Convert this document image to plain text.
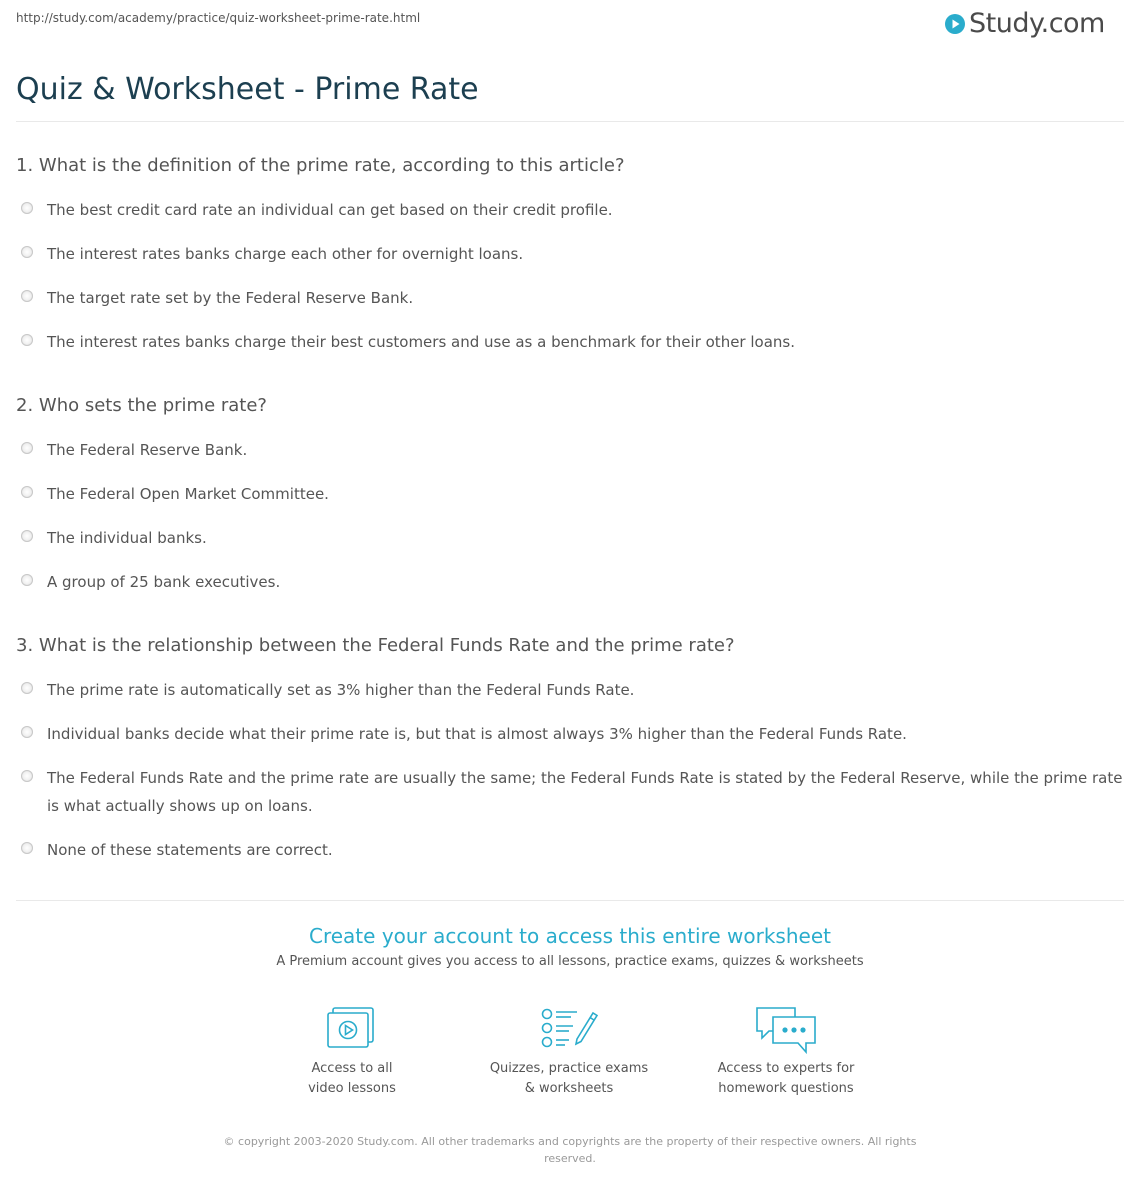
http://study.com/academy/practice/quiz-worksheet-prime-rate.html	Study.com
Quiz & Worksheet - Prime Rate
1. What is the definition of the prime rate, according to this article?
The best credit card rate an individual can get based on their credit profile.
The interest rates banks charge each other for overnight loans.
The target rate set by the Federal Reserve Bank.
The interest rates banks charge their best customers and use as a benchmark for their other loans.
2. Who sets the prime rate?
The Federal Reserve Bank.
The Federal Open Market Committee.
The individual banks.
A group of 25 bank executives.
3. What is the relationship between the Federal Funds Rate and the prime rate?
The prime rate is automatically set as 3% higher than the Federal Funds Rate.
Individual banks decide what their prime rate is, but that is almost always 3% higher than the Federal Funds Rate.
The Federal Funds Rate and the prime rate are usually the same; the Federal Funds Rate is stated by the Federal Reserve, while the prime rate is what actually shows up on loans.
None of these statements are correct.
Create your account to access this entire worksheet
A Premium account gives you access to all lessons, practice exams, quizzes & worksheets
Access to all
video lessons
Quizzes, practice exams
& worksheets
Access to experts for
homework questions
© copyright 2003-2020 Study.com. All other trademarks and copyrights are the property of their respective owners. All rights
reserved.
